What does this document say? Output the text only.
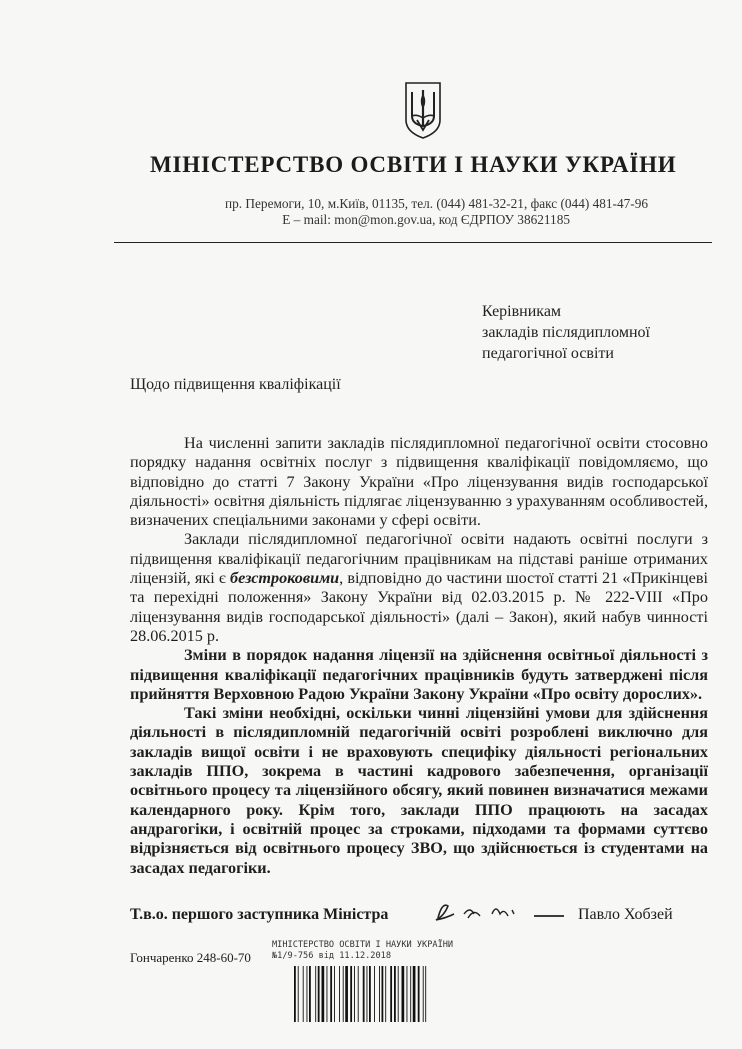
МІНІСТЕРСТВО ОСВІТИ І НАУКИ УКРАЇНИ
пр. Перемоги, 10, м.Київ, 01135, тел. (044) 481-32-21, факс (044) 481-47-96
E – mail: mon@mon.gov.ua, код ЄДРПОУ 38621185
Керівникам
закладів післядипломної
педагогічної освіти
Щодо підвищення кваліфікації

На численні запити закладів післядипломної педагогічної освіти стосовно порядку надання освітніх послуг з підвищення кваліфікації повідомляємо, що відповідно до статті 7 Закону України «Про ліцензування видів господарської діяльності» освітня діяльність підлягає ліцензуванню з урахуванням особливостей, визначених спеціальними законами у сфері освіти.

Заклади післядипломної педагогічної освіти надають освітні послуги з підвищення кваліфікації педагогічним працівникам на підставі раніше отриманих ліцензій, які є безстроковими, відповідно до частини шостої статті 21 «Прикінцеві та перехідні положення» Закону України від 02.03.2015 р. № 222-VIII «Про ліцензування видів господарської діяльності» (далі – Закон), який набув чинності 28.06.2015 р.

Зміни в порядок надання ліцензії на здійснення освітньої діяльності з підвищення кваліфікації педагогічних працівників будуть затверджені після прийняття Верховною Радою України Закону України «Про освіту дорослих».

Такі зміни необхідні, оскільки чинні ліцензійні умови для здійснення діяльності в післядипломній педагогічній освіті розроблені виключно для закладів вищої освіти і не враховують специфіку діяльності регіональних закладів ППО, зокрема в частині кадрового забезпечення, організації освітнього процесу та ліцензійного обсягу, який повинен визначатися межами календарного року. Крім того, заклади ППО працюють на засадах андрагогіки, і освітній процес за строками, підходами та формами суттєво відрізняється від освітнього процесу ЗВО, що здійснюється із студентами на засадах педагогіки.

Т.в.о. першого заступника Міністра	Павло Хобзей
Гончаренко 248-60-70
МІНІСТЕРСТВО ОСВІТИ І НАУКИ УКРАЇНИ
№1/9-756 від 11.12.2018
